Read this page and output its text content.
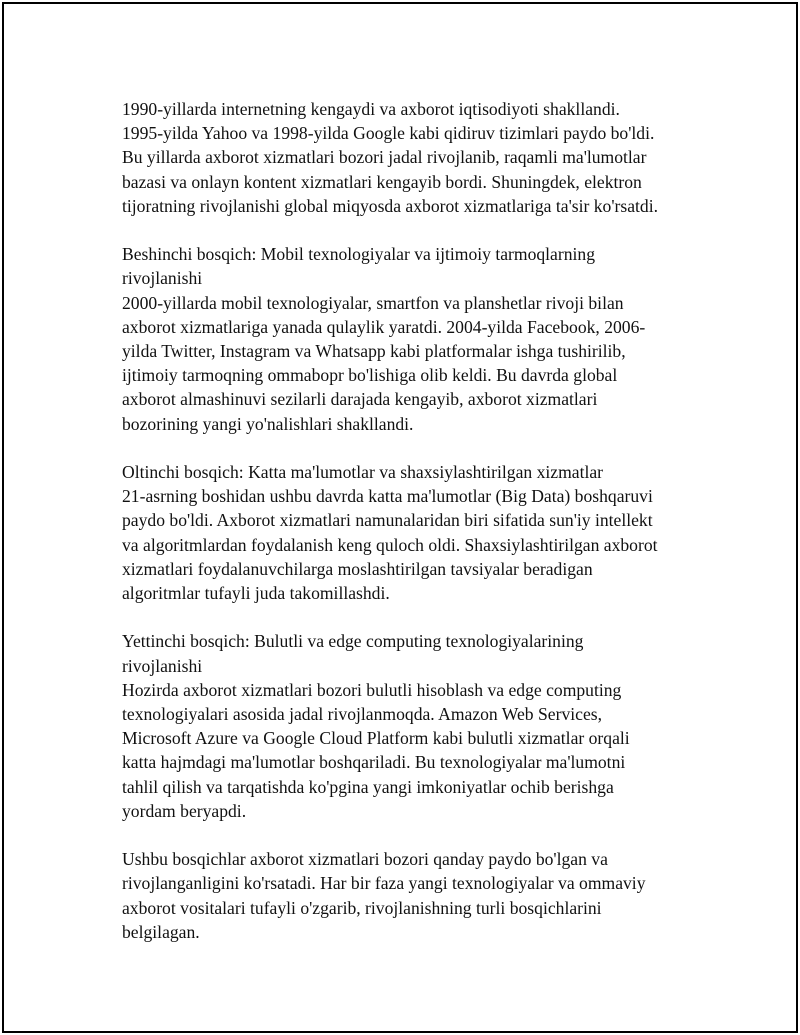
1990-yillarda internetning kengaydi va axborot iqtisodiyoti shakllandi.
1995-yilda Yahoo va 1998-yilda Google kabi qidiruv tizimlari paydo bo'ldi.
Bu yillarda axborot xizmatlari bozori jadal rivojlanib, raqamli ma'lumotlar
bazasi va onlayn kontent xizmatlari kengayib bordi. Shuningdek, elektron
tijoratning rivojlanishi global miqyosda axborot xizmatlariga ta'sir ko'rsatdi.
Beshinchi bosqich: Mobil texnologiyalar va ijtimoiy tarmoqlarning
rivojlanishi
2000-yillarda mobil texnologiyalar, smartfon va planshetlar rivoji bilan
axborot xizmatlariga yanada qulaylik yaratdi. 2004-yilda Facebook, 2006-
yilda Twitter, Instagram va Whatsapp kabi platformalar ishga tushirilib,
ijtimoiy tarmoqning ommabopr bo'lishiga olib keldi. Bu davrda global
axborot almashinuvi sezilarli darajada kengayib, axborot xizmatlari
bozorining yangi yo'nalishlari shakllandi.
Oltinchi bosqich: Katta ma'lumotlar va shaxsiylashtirilgan xizmatlar
21-asrning boshidan ushbu davrda katta ma'lumotlar (Big Data) boshqaruvi
paydo bo'ldi. Axborot xizmatlari namunalaridan biri sifatida sun'iy intellekt
va algoritmlardan foydalanish keng quloch oldi. Shaxsiylashtirilgan axborot
xizmatlari foydalanuvchilarga moslashtirilgan tavsiyalar beradigan
algoritmlar tufayli juda takomillashdi.
Yettinchi bosqich: Bulutli va edge computing texnologiyalarining
rivojlanishi
Hozirda axborot xizmatlari bozori bulutli hisoblash va edge computing
texnologiyalari asosida jadal rivojlanmoqda. Amazon Web Services,
Microsoft Azure va Google Cloud Platform kabi bulutli xizmatlar orqali
katta hajmdagi ma'lumotlar boshqariladi. Bu texnologiyalar ma'lumotni
tahlil qilish va tarqatishda ko'pgina yangi imkoniyatlar ochib berishga
yordam beryapdi.
Ushbu bosqichlar axborot xizmatlari bozori qanday paydo bo'lgan va
rivojlanganligini ko'rsatadi. Har bir faza yangi texnologiyalar va ommaviy
axborot vositalari tufayli o'zgarib, rivojlanishning turli bosqichlarini
belgilagan.
